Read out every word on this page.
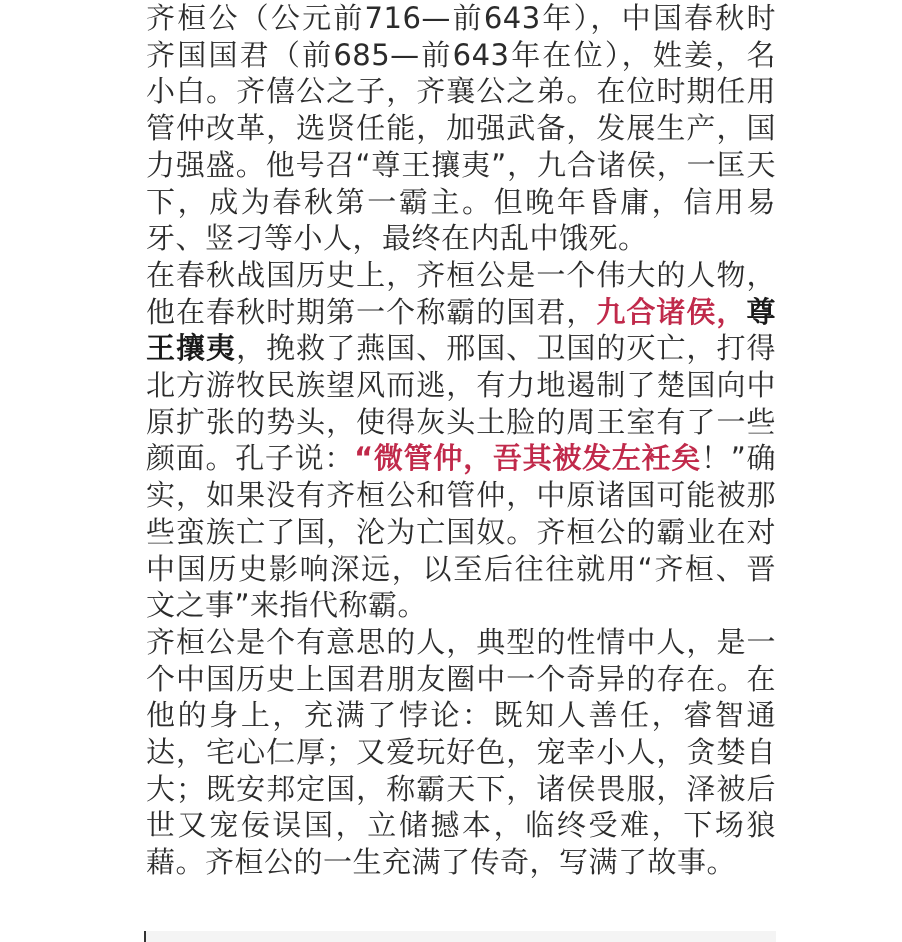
齐桓公（公元前716—前643年），中国春秋时齐国国君（前685—前643年在位），姓姜，名小白。齐僖公之子，齐襄公之弟。在位时期任用管仲改革，选贤任能，加强武备，发展生产，国力强盛。他号召“尊王攘夷”，九合诸侯，一匡天下，成为春秋第一霸主。但晚年昏庸，信用易牙、竖刁等小人，最终在内乱中饿死。

在春秋战国历史上，齐桓公是一个伟大的人物，他在春秋时期第一个称霸的国君，九合诸侯，尊王攘夷，挽救了燕国、邢国、卫国的灭亡，打得北方游牧民族望风而逃，有力地遏制了楚国向中原扩张的势头，使得灰头土脸的周王室有了一些颜面。孔子说：“微管仲，吾其被发左衽矣！”确实，如果没有齐桓公和管仲，中原诸国可能被那些蛮族亡了国，沦为亡国奴。齐桓公的霸业在对中国历史影响深远，以至后往往就用“齐桓、晋文之事”来指代称霸。

齐桓公是个有意思的人，典型的性情中人，是一个中国历史上国君朋友圈中一个奇异的存在。在他的身上，充满了悖论：既知人善任，睿智通达，宅心仁厚；又爱玩好色，宠幸小人，贪婪自大；既安邦定国，称霸天下，诸侯畏服，泽被后世又宠佞误国，立储撼本，临终受难，下场狼藉。齐桓公的一生充满了传奇，写满了故事。
